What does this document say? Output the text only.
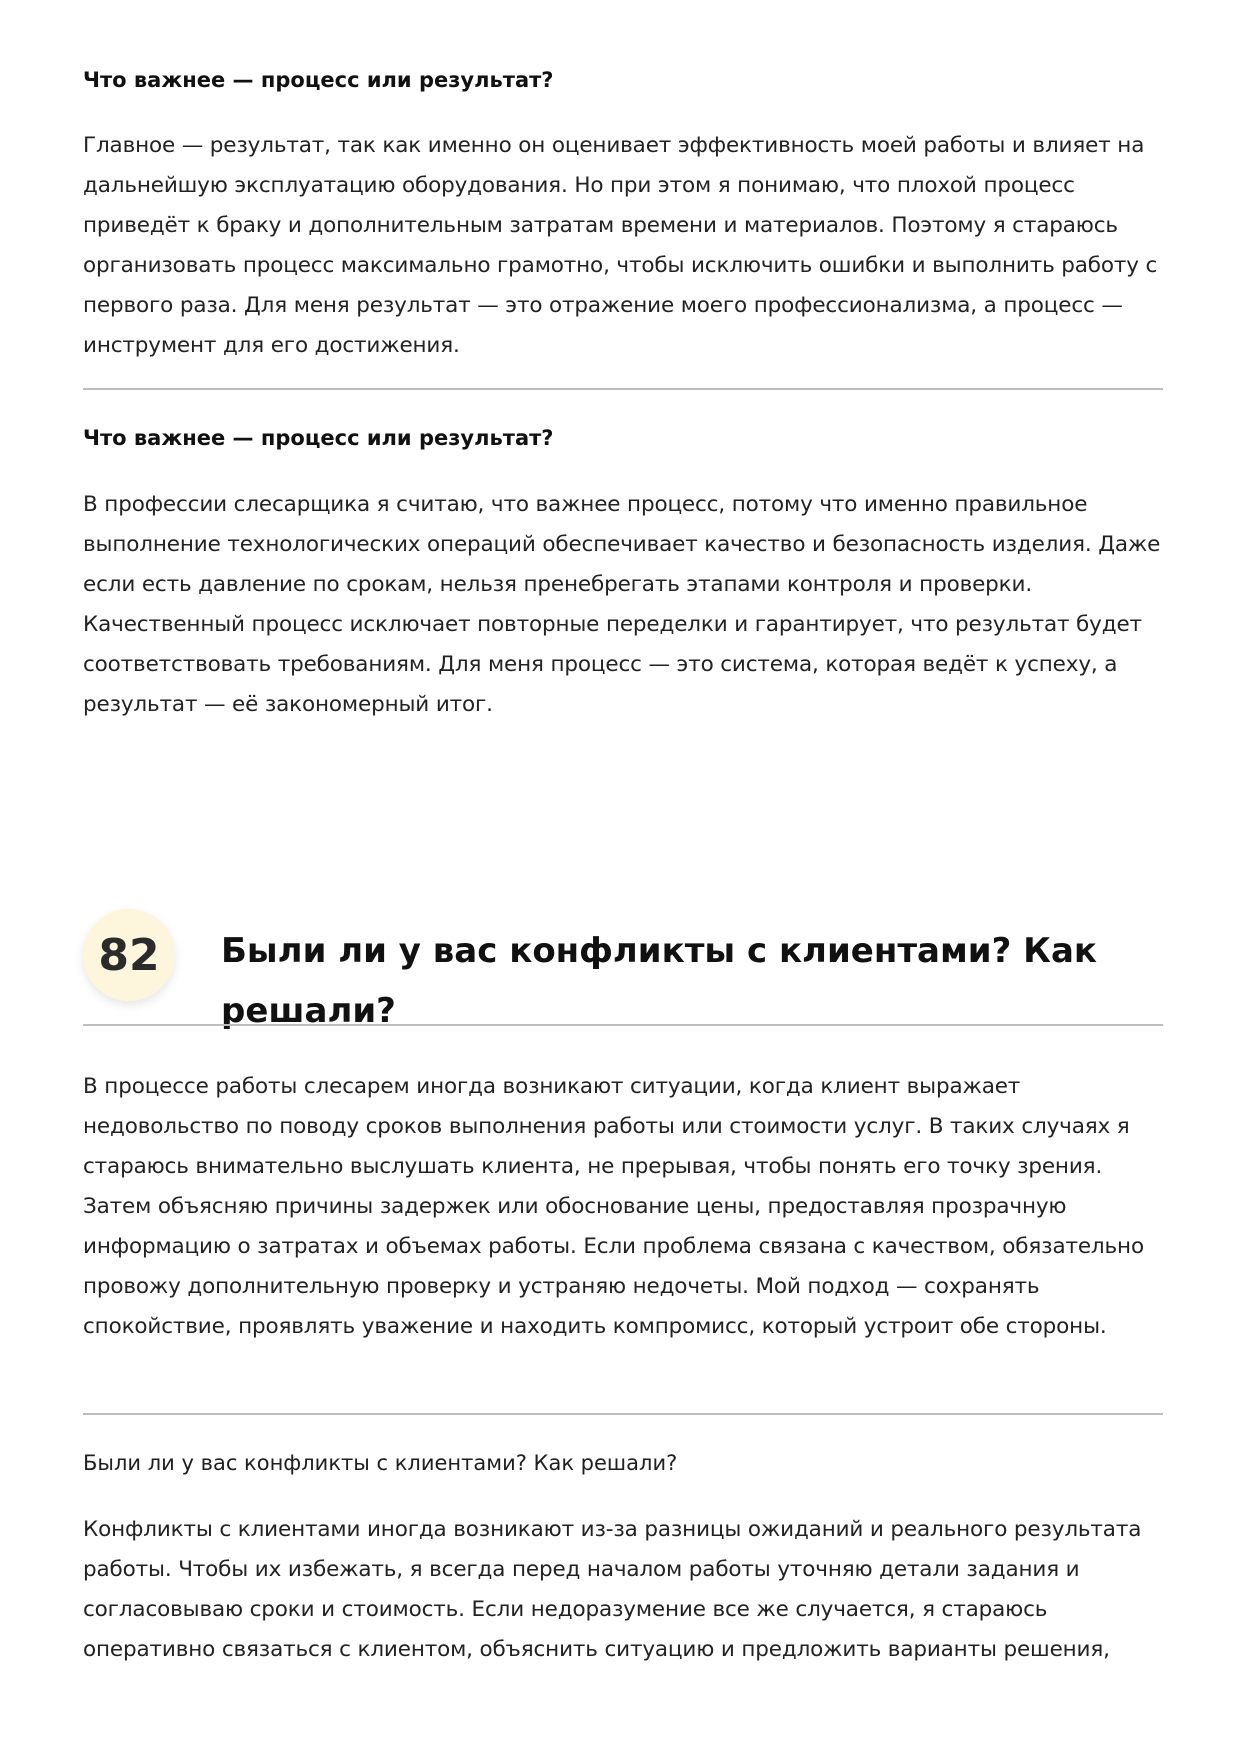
Что важнее — процесс или результат?

Главное — результат, так как именно он оценивает эффективность моей работы и влияет на дальнейшую эксплуатацию оборудования. Но при этом я понимаю, что плохой процесс приведёт к браку и дополнительным затратам времени и материалов. Поэтому я стараюсь организовать процесс максимально грамотно, чтобы исключить ошибки и выполнить работу с первого раза. Для меня результат — это отражение моего профессионализма, а процесс — инструмент для его достижения.

Что важнее — процесс или результат?

В профессии слесарщика я считаю, что важнее процесс, потому что именно правильное выполнение технологических операций обеспечивает качество и безопасность изделия. Даже если есть давление по срокам, нельзя пренебрегать этапами контроля и проверки. Качественный процесс исключает повторные переделки и гарантирует, что результат будет соответствовать требованиям. Для меня процесс — это система, которая ведёт к успеху, а результат — её закономерный итог.

82	Были ли у вас конфликты с клиентами? Как решали?

В процессе работы слесарем иногда возникают ситуации, когда клиент выражает недовольство по поводу сроков выполнения работы или стоимости услуг. В таких случаях я стараюсь внимательно выслушать клиента, не прерывая, чтобы понять его точку зрения. Затем объясняю причины задержек или обоснование цены, предоставляя прозрачную информацию о затратах и объемах работы. Если проблема связана с качеством, обязательно провожу дополнительную проверку и устраняю недочеты. Мой подход — сохранять спокойствие, проявлять уважение и находить компромисс, который устроит обе стороны.

Были ли у вас конфликты с клиентами? Как решали?

Конфликты с клиентами иногда возникают из-за разницы ожиданий и реального результата работы. Чтобы их избежать, я всегда перед началом работы уточняю детали задания и согласовываю сроки и стоимость. Если недоразумение все же случается, я стараюсь оперативно связаться с клиентом, объяснить ситуацию и предложить варианты решения,
